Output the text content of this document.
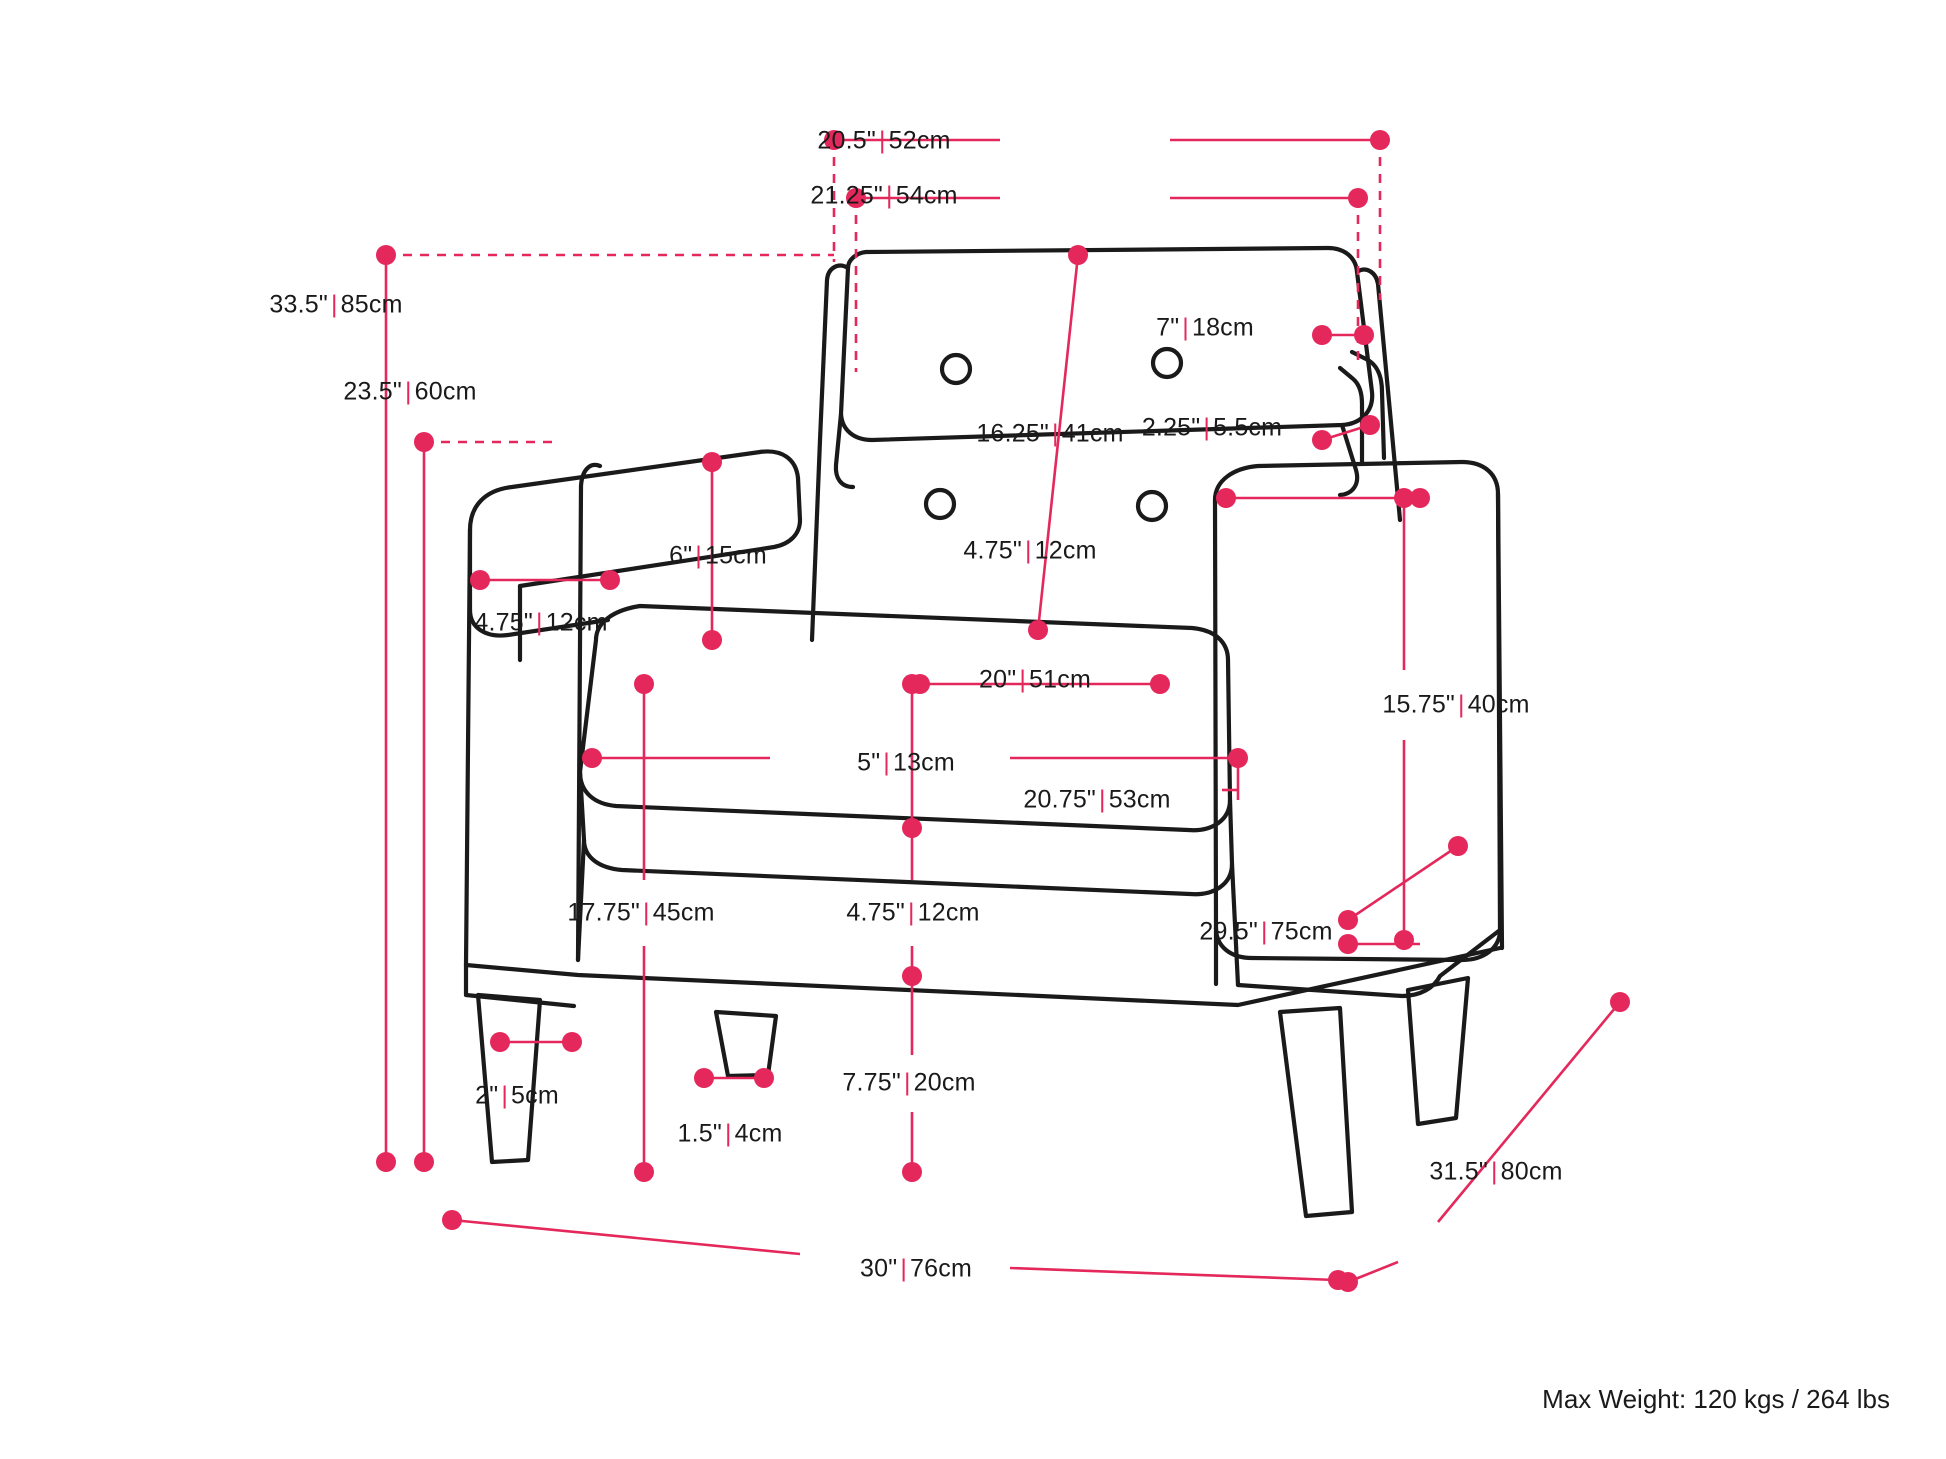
20.5" | 52cm
21.25" | 54cm
33.5" | 85cm
23.5" | 60cm
7" | 18cm
2.25" | 5.5cm
16.25" | 41cm
4.75" | 12cm
6" | 15cm
4.75" | 12cm
20" | 51cm
5" | 13cm
20.75" | 53cm
15.75" | 40cm
17.75" | 45cm	4.75" | 12cm
29.5" | 75cm
2" | 5cm	7.75" | 20cm
1.5" | 4cm
31.5" | 80cm
30" | 76cm
Max Weight: 120 kgs / 264 lbs
